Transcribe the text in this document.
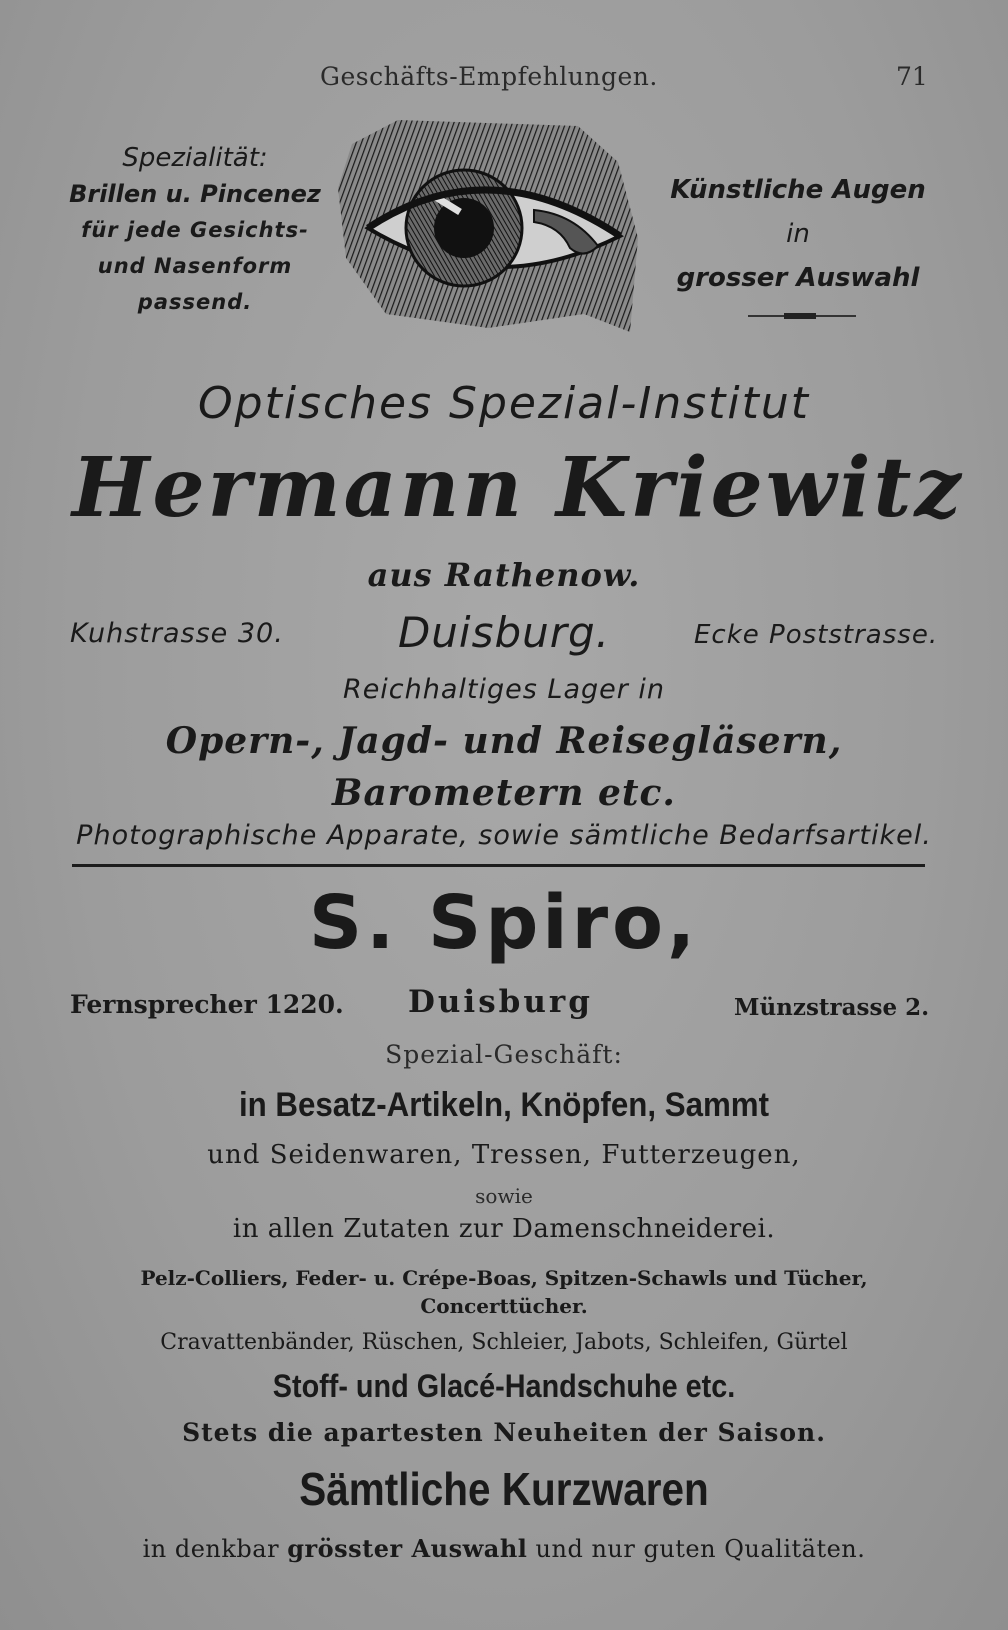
Geschäfts-Empfehlungen.	71
Spezialität:
Brillen u. Pincenez
für jede Gesichts-
und Nasenform
passend.
Künstliche Augen
in
grosser Auswahl
Optisches Spezial-Institut
Hermann Kriewitz
aus Rathenow.
Kuhstrasse 30.	Duisburg.	Ecke Poststrasse.
Reichhaltiges Lager in
Opern-, Jagd- und Reisegläsern,
Barometern etc.
Photographische Apparate, sowie sämtliche Bedarfsartikel.
S. Spiro,
Fernsprecher 1220. Duisburg	Münzstrasse 2.
Spezial-Geschäft:
in Besatz-Artikeln, Knöpfen, Sammt
und Seidenwaren, Tressen, Futterzeugen,
sowie
in allen Zutaten zur Damenschneiderei.
Pelz-Colliers, Feder- u. Crépe-Boas, Spitzen-Schawls und Tücher,
Concerttücher.
Cravattenbänder, Rüschen, Schleier, Jabots, Schleifen, Gürtel
Stoff- und Glacé-Handschuhe etc.
Stets die apartesten Neuheiten der Saison.
Sämtliche Kurzwaren
in denkbar grösster Auswahl und nur guten Qualitäten.
